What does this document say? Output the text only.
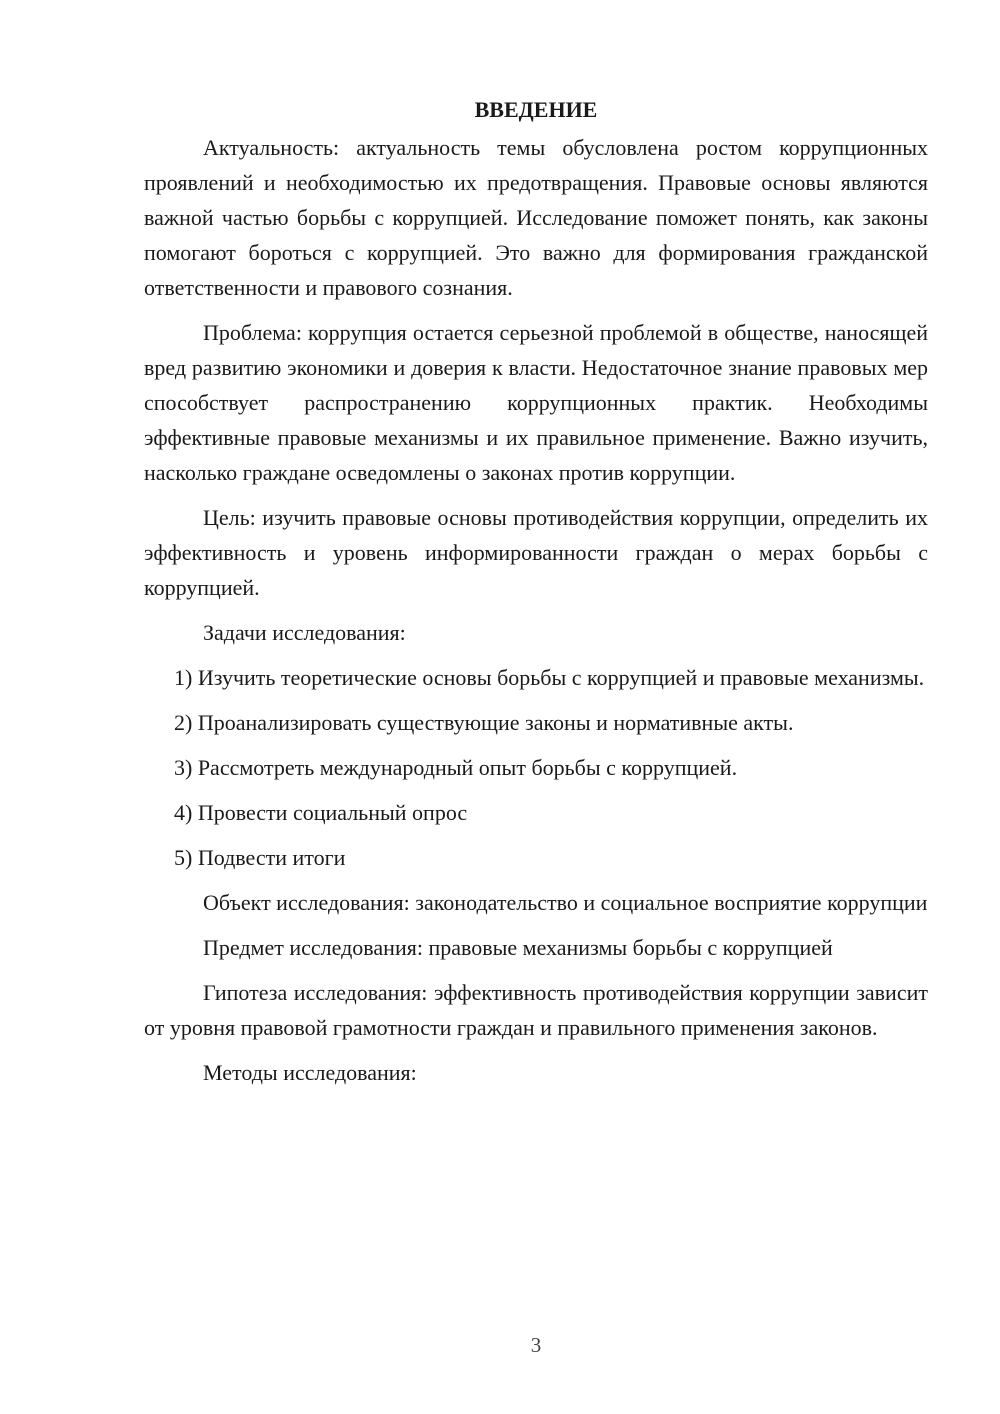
ВВЕДЕНИЕ

Актуальность: актуальность темы обусловлена ростом коррупционных проявлений и необходимостью их предотвращения. Правовые основы являются важной частью борьбы с коррупцией. Исследование поможет понять, как законы помогают бороться с коррупцией. Это важно для формирования гражданской ответственности и правового сознания.

Проблема: коррупция остается серьезной проблемой в обществе, наносящей вред развитию экономики и доверия к власти. Недостаточное знание правовых мер способствует распространению коррупционных практик. Необходимы эффективные правовые механизмы и их правильное применение. Важно изучить, насколько граждане осведомлены о законах против коррупции.

Цель: изучить правовые основы противодействия коррупции, определить их эффективность и уровень информированности граждан о мерах борьбы с коррупцией.

Задачи исследования:

1) Изучить теоретические основы борьбы с коррупцией и правовые механизмы.

2) Проанализировать существующие законы и нормативные акты.

3) Рассмотреть международный опыт борьбы с коррупцией.

4) Провести социальный опрос

5) Подвести итоги

Объект исследования: законодательство и социальное восприятие коррупции

Предмет исследования: правовые механизмы борьбы с коррупцией

Гипотеза исследования: эффективность противодействия коррупции зависит от уровня правовой грамотности граждан и правильного применения законов.

Методы исследования:

3
